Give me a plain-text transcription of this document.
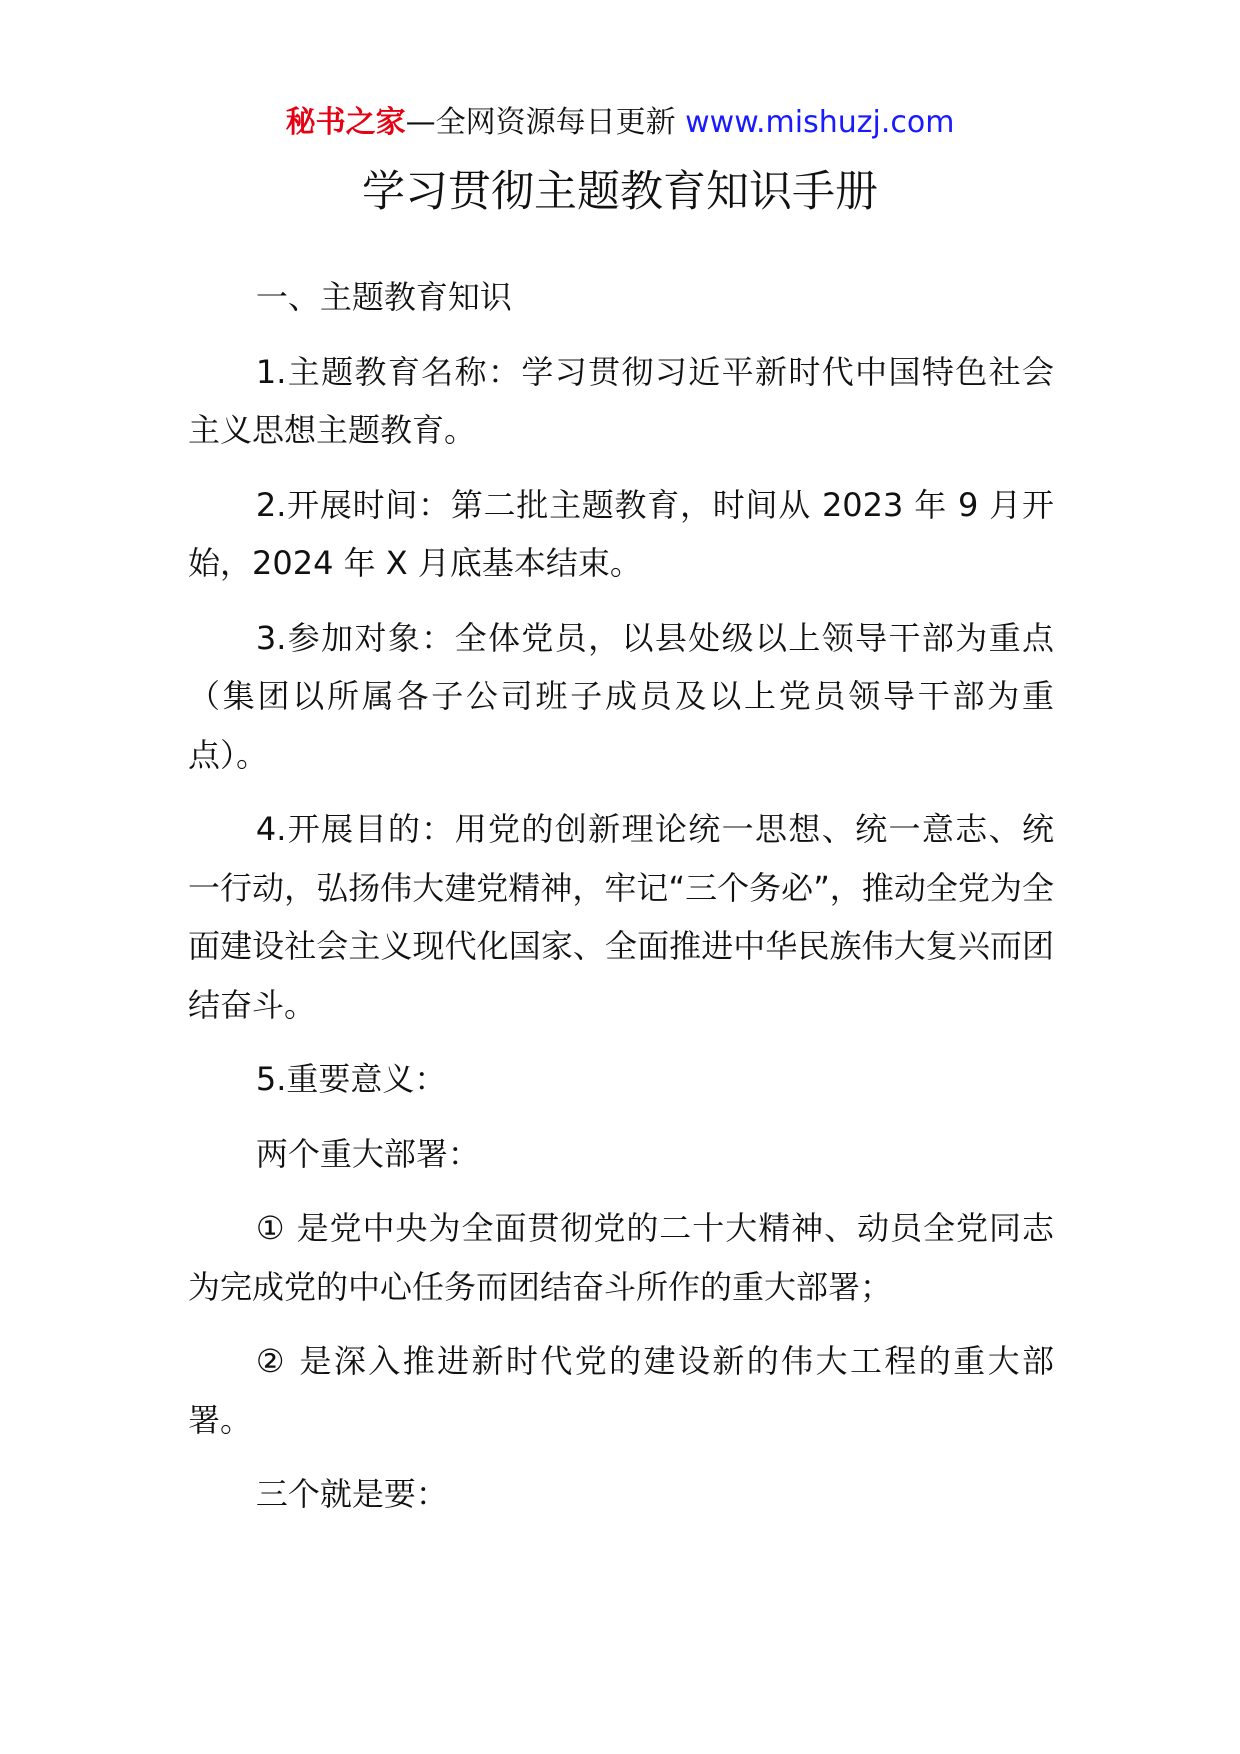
秘书之家—全网资源每日更新 www.mishuzj.com
学习贯彻主题教育知识手册

一、主题教育知识

1.主题教育名称：学习贯彻习近平新时代中国特色社会主义思想主题教育。

2.开展时间：第二批主题教育，时间从 2023 年 9 月开始，2024 年 X 月底基本结束。

3.参加对象：全体党员，以县处级以上领导干部为重点（集团以所属各子公司班子成员及以上党员领导干部为重点）。

4.开展目的：用党的创新理论统一思想、统一意志、统一行动，弘扬伟大建党精神，牢记“三个务必”，推动全党为全面建设社会主义现代化国家、全面推进中华民族伟大复兴而团结奋斗。

5.重要意义：

两个重大部署：

① 是党中央为全面贯彻党的二十大精神、动员全党同志为完成党的中心任务而团结奋斗所作的重大部署；

② 是深入推进新时代党的建设新的伟大工程的重大部署。

三个就是要：
